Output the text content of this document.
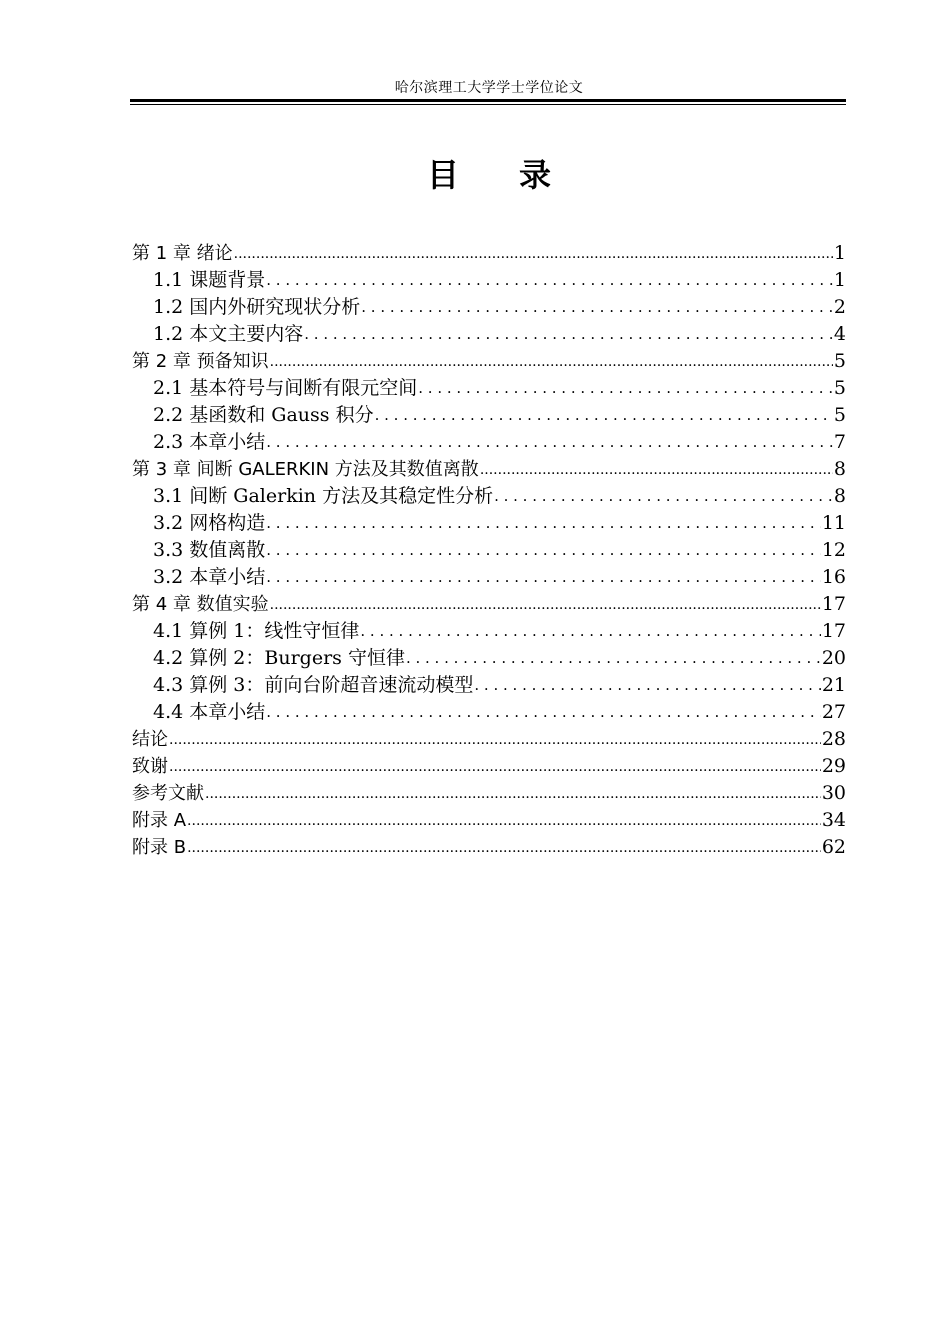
哈尔滨理工大学学士学位论文
目录
第 1 章 绪论 .....	1
1.1 课题背景 . . .	1
1.2 国内外研究现状分析 . . .	2
1.2 本文主要内容 . . .	4
第 2 章 预备知识 .....	5
2.1 基本符号与间断有限元空间 . . .	5
2.2 基函数和 Gauss 积分 . . .	5
2.3 本章小结 . . .	7
第 3 章 间断 GALERKIN 方法及其数值离散 .....	8
3.1 间断 Galerkin 方法及其稳定性分析 . . .	8
3.2 网格构造 . . .	11
3.3 数值离散 . . .	12
3.2 本章小结 . . .	16
第 4 章 数值实验 .....	17
4.1 算例 1：线性守恒律 . . .	17
4.2 算例 2：Burgers 守恒律 . . .	20
4.3 算例 3：前向台阶超音速流动模型 . . .	21
4.4 本章小结 . . .	27
结论 .....	28
致谢 .....	29
参考文献 .....	30
附录 A .....	34
附录 B .....	62
